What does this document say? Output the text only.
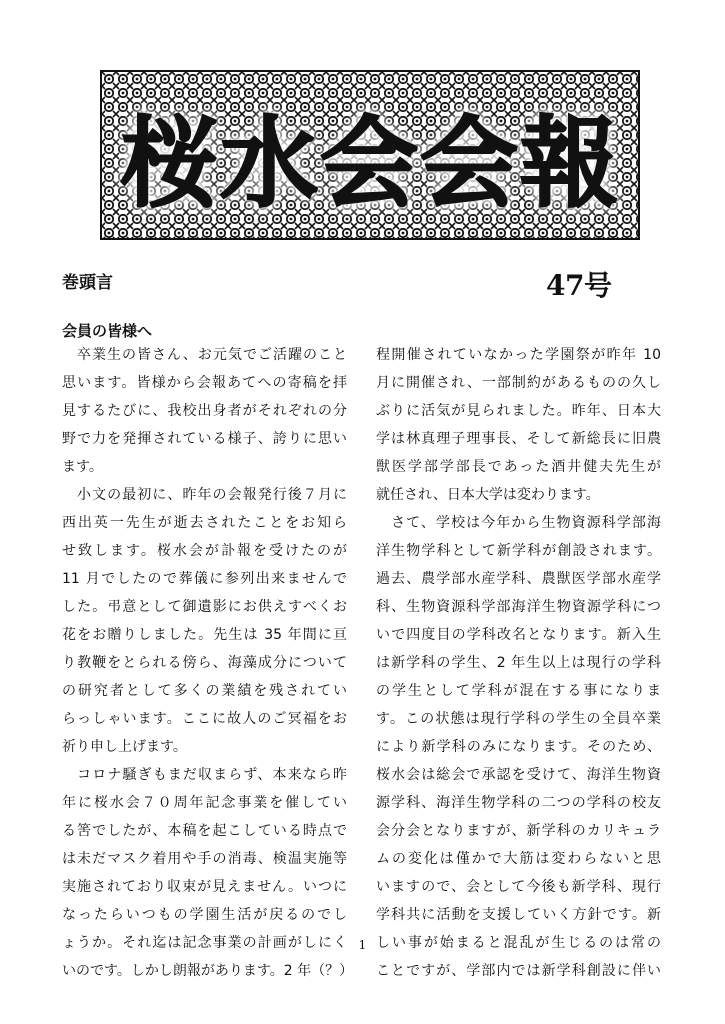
桜水会会報
巻頭言	47号
会員の皆様へ
　卒業生の皆さん、お元気でご活躍のこと
思います。皆様から会報あてへの寄稿を拝
見するたびに、我校出身者がそれぞれの分
野で力を発揮されている様子、誇りに思い
ます。
　小文の最初に、昨年の会報発行後７月に
西出英一先生が逝去されたことをお知ら
せ致します。桜水会が訃報を受けたのが
11 月でしたので葬儀に参列出来ませんで
した。弔意として御遺影にお供えすべくお
花をお贈りしました。先生は 35 年間に亘
り教鞭をとられる傍ら、海藻成分について
の研究者として多くの業績を残されてい
らっしゃいます。ここに故人のご冥福をお
祈り申し上げます。
　コロナ騒ぎもまだ収まらず、本来なら昨
年に桜水会７０周年記念事業を催してい
る筈でしたが、本稿を起こしている時点で
は未だマスク着用や手の消毒、検温実施等
実施されており収束が見えません。いつに
なったらいつもの学園生活が戻るのでし
ょうか。それ迄は記念事業の計画がしにく
いのです。しかし朗報があります。2 年（？）
程開催されていなかった学園祭が昨年 10
月に開催され、一部制約があるものの久し
ぶりに活気が見られました。昨年、日本大
学は林真理子理事長、そして新総長に旧農
獣医学部学部長であった酒井健夫先生が
就任され、日本大学は変わります。
　さて、学校は今年から生物資源科学部海
洋生物学科として新学科が創設されます。
過去、農学部水産学科、農獣医学部水産学
科、生物資源科学部海洋生物資源学科につ
いで四度目の学科改名となります。新入生
は新学科の学生、2 年生以上は現行の学科
の学生として学科が混在する事になりま
す。この状態は現行学科の学生の全員卒業
により新学科のみになります。そのため、
桜水会は総会で承認を受けて、海洋生物資
源学科、海洋生物学科の二つの学科の校友
会分会となりますが、新学科のカリキュラ
ムの変化は僅かで大筋は変わらないと思
いますので、会として今後も新学科、現行
学科共に活動を支援していく方針です。新
しい事が始まると混乱が生じるのは常の
ことですが、学部内では新学科創設に伴い
1
